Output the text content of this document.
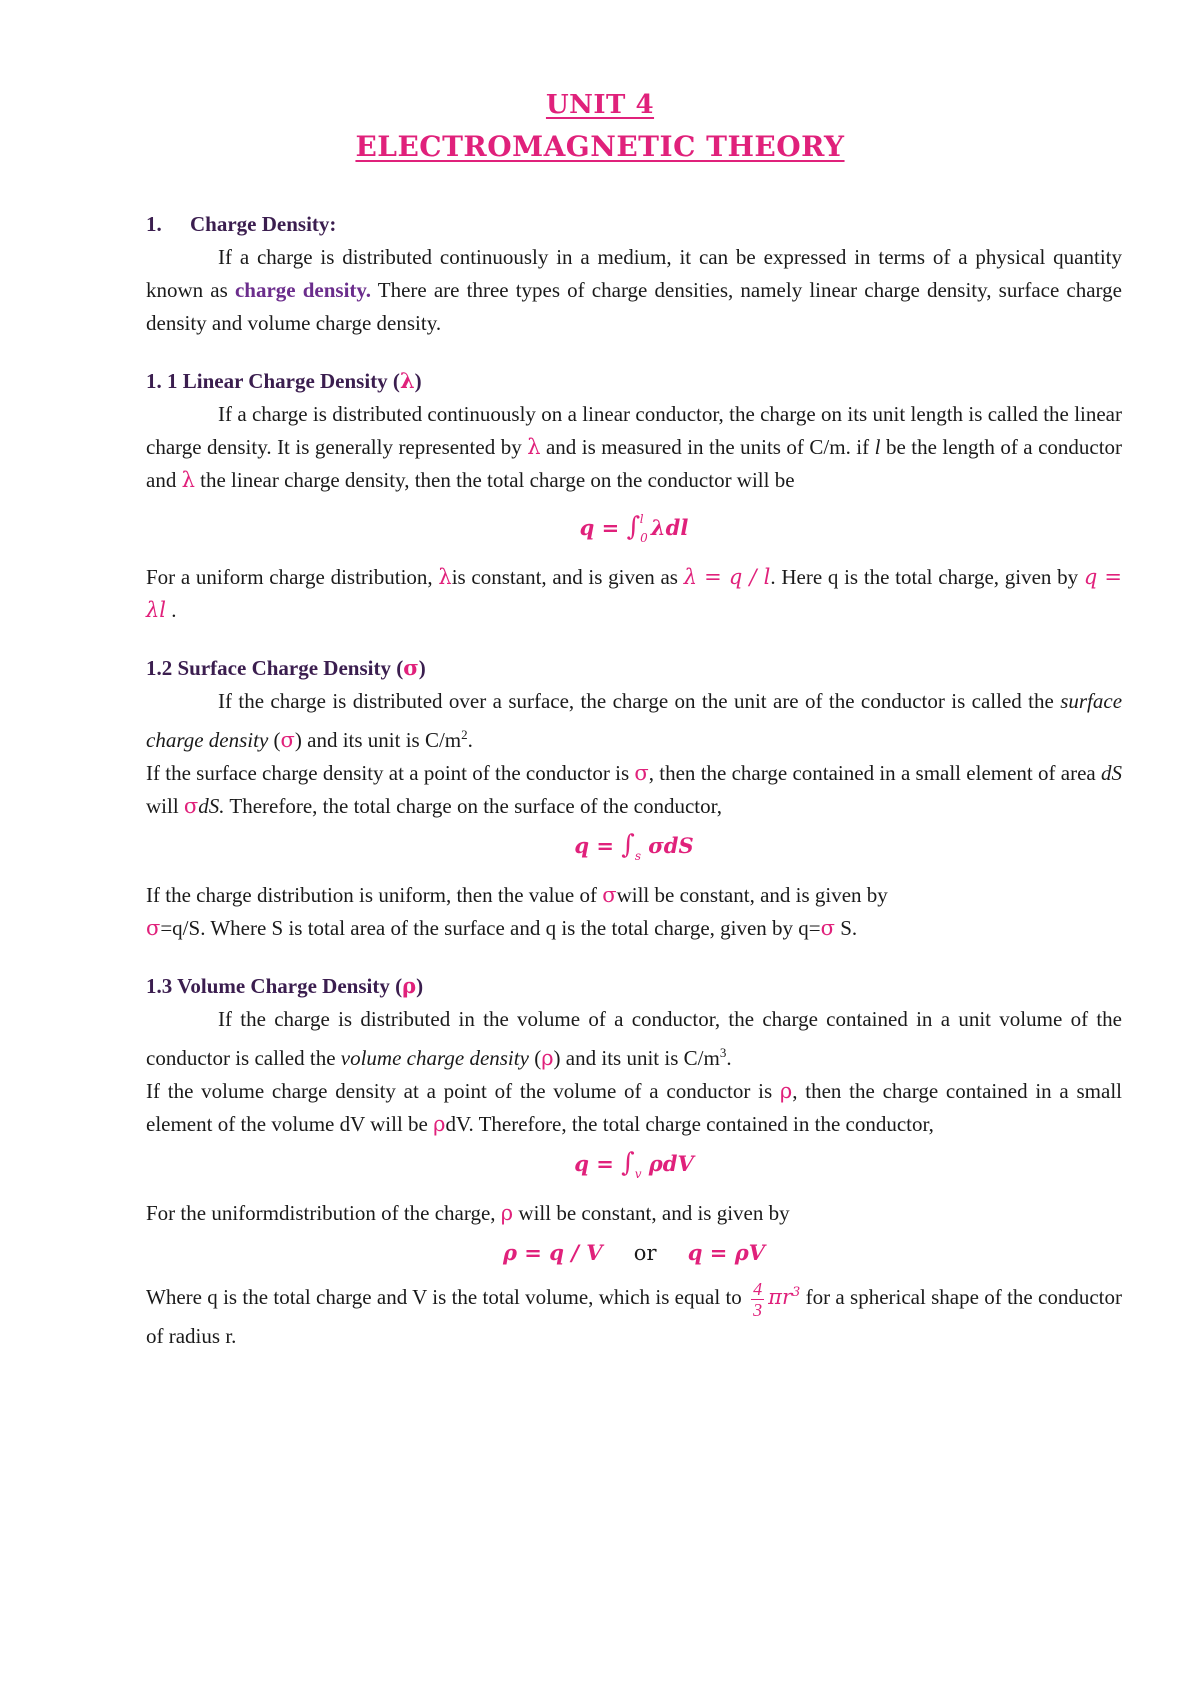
UNIT 4
ELECTROMAGNETIC THEORY
1. Charge Density:

If a charge is distributed continuously in a medium, it can be expressed in terms of a physical quantity known as charge density. There are three types of charge densities, namely linear charge density, surface charge density and volume charge density.

1. 1 Linear Charge Density (λ)

If a charge is distributed continuously on a linear conductor, the charge on its unit length is called the linear charge density. It is generally represented by λ and is measured in the units of C/m. if l be the length of a conductor and λ the linear charge density, then the total charge on the conductor will be

$q = \int_0^l$ λdl

For a uniform charge distribution, λis constant, and is given as λ = q / l. Here q is the total charge, given by q = λl .

1.2 Surface Charge Density (σ)

If the charge is distributed over a surface, the charge on the unit are of the conductor is called the surface charge density (σ) and its unit is $C/m^2$.

If the surface charge density at a point of the conductor is σ, then the charge contained in a small element of area dS will σdS. Therefore, the total charge on the surface of the conductor,

$q = \int_s$ σdS

If the charge distribution is uniform, then the value of σwill be constant, and is given by

σ=q/S. Where S is total area of the surface and q is the total charge, given by q=σ S.

1.3 Volume Charge Density (ρ)

If the charge is distributed in the volume of a conductor, the charge contained in a unit volume of the conductor is called the volume charge density (ρ) and its unit is $C/m^3$.

If the volume charge density at a point of the volume of a conductor is ρ, then the charge contained in a small element of the volume dV will be ρdV. Therefore, the total charge contained in the conductor,

$q = \int_v$ ρdV

For the uniformdistribution of the charge, ρ will be constant, and is given by

ρ = q / V or q = ρV

Where q is the total charge and V is the total volume, which is equal to $\frac{4}{3} \pi r^3$ for a spherical shape of the conductor of radius r.
